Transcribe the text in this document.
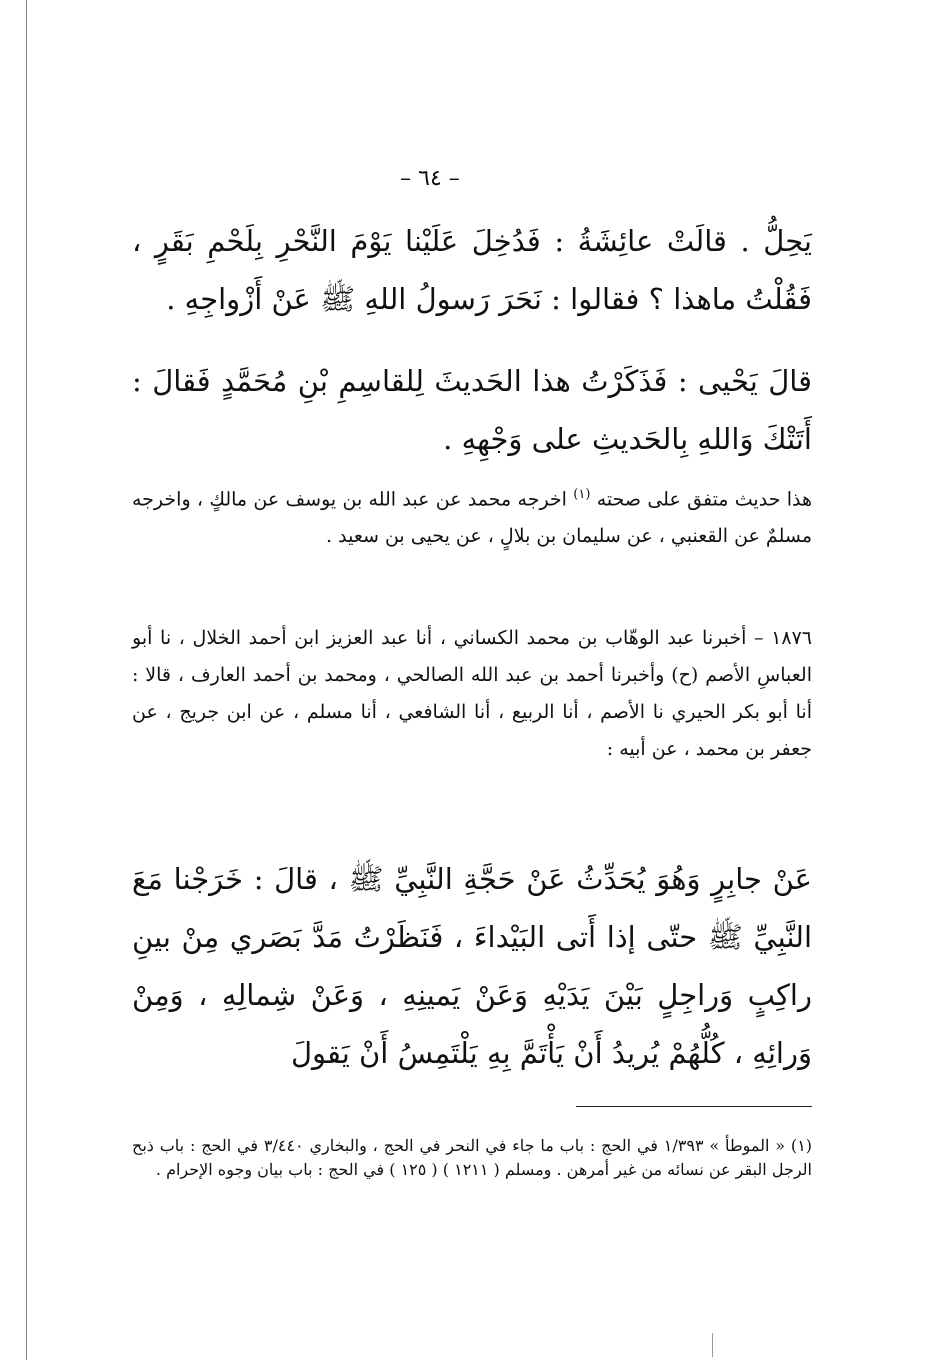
– ٦٤ –
يَحِلُّ . قالَتْ عائِشَةُ : فَدُخِلَ عَلَيْنا يَوْمَ النَّحْرِ بِلَحْمِ بَقَرٍ ، فَقُلْتُ ماهذا ؟ فقالوا : نَحَرَ رَسولُ اللهِ ﷺ عَنْ أَزْواجِهِ .
قالَ يَحْيى : فَذَكَرْتُ هذا الحَديثَ لِلقاسِمِ بْنِ مُحَمَّدٍ فَقالَ : أَتَتْكَ وَاللهِ بِالحَديثِ على وَجْهِهِ .
هذا حديث متفق على صحته $^{(١)}$ اخرجه محمد عن عبد الله بن يوسف عن مالكٍ ، واخرجه مسلمٌ عن القعنبي ، عن سليمان بن بلالٍ ، عن يحيى بن سعيد .
١٨٧٦ – أخبرنا عبد الوهّاب بن محمد الكساني ، أنا عبد العزيز ابن أحمد الخلال ، نا أبو العباسِ الأصم (ح) وأخبرنا أحمد بن عبد الله الصالحي ، ومحمد بن أحمد العارف ، قالا : أنا أبو بكر الحيري نا الأصم ، أنا الربيع ، أنا الشافعي ، أنا مسلم ، عن ابن جريج ، عن جعفر بن محمد ، عن أبيه :
عَنْ جابِرٍ وَهُوَ يُحَدِّثُ عَنْ حَجَّةِ النَّبِيِّ ﷺ ، قالَ : خَرَجْنا مَعَ النَّبِيِّ ﷺ حتّى إذا أَتى البَيْداءَ ، فَنَظَرْتُ مَدَّ بَصَري مِنْ بينِ راكِبٍ وَراجِلٍ بَيْنَ يَدَيْهِ وَعَنْ يَمينِهِ ، وَعَنْ شِمالِهِ ، وَمِنْ وَرائِهِ ، كُلُّهُمْ يُريدُ أَنْ يَأْتَمَّ بِهِ يَلْتَمِسُ أَنْ يَقولَ
(١) « الموطأ » ١/٣٩٣ في الحج : باب ما جاء في النحر في الحج ، والبخاري ٣/٤٤٠ في الحج : باب ذبح الرجل البقر عن نسائه من غير أمرهن . ومسلم ( ١٢١١ ) ( ١٢٥ ) في الحج : باب بيان وجوه الإحرام .
